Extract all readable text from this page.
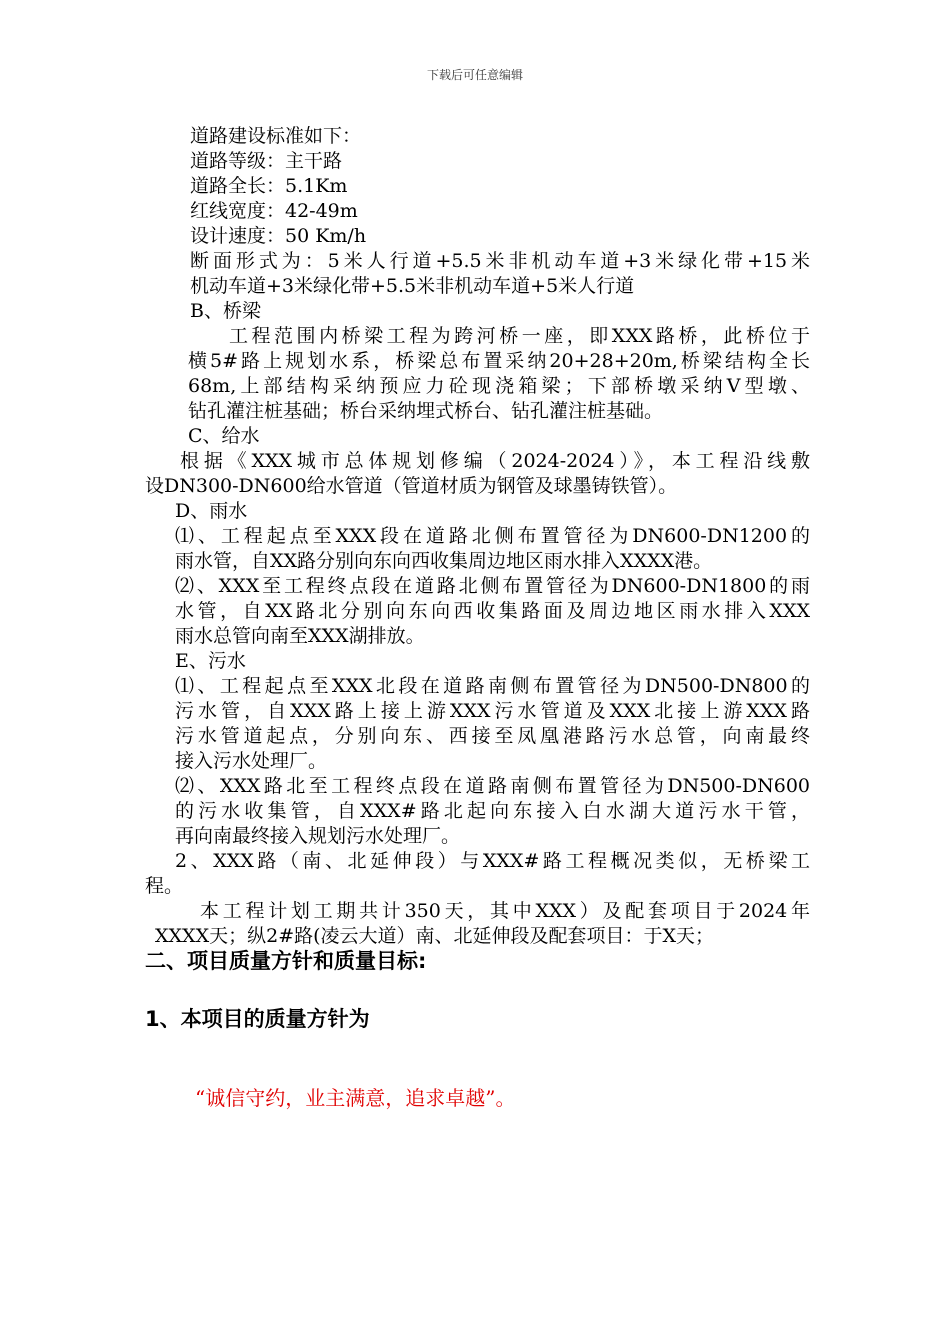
下载后可任意编辑
道路建设标准如下：
道路等级：主干路
道路全长：5.1Km
红线宽度：42-49m
设计速度：50 Km/h
断面形式为：5米人行道+5.5米非机动车道+3米绿化带+15米
机动车道+3米绿化带+5.5米非机动车道+5米人行道
B、桥梁
工程范围内桥梁工程为跨河桥一座，即XXX路桥，此桥位于
横5#路上规划水系，桥梁总布置采纳20+28+20m,桥梁结构全长
68m,上部结构采纳预应力砼现浇箱梁；下部桥墩采纳V型墩、
钻孔灌注桩基础；桥台采纳埋式桥台、钻孔灌注桩基础。
C、给水
根据《XXX城市总体规划修编（2024-2024）》，本工程沿线敷
设DN300-DN600给水管道（管道材质为钢管及球墨铸铁管）。
D、雨水
⑴、工程起点至XXX段在道路北侧布置管径为DN600-DN1200的
雨水管，自XX路分别向东向西收集周边地区雨水排入XXXX港。
⑵、XXX至工程终点段在道路北侧布置管径为DN600-DN1800的雨
水管，自XX路北分别向东向西收集路面及周边地区雨水排入XXX
雨水总管向南至XXX湖排放。
E、污水
⑴、工程起点至XXX北段在道路南侧布置管径为DN500-DN800的
污水管，自XXX路上接上游XXX污水管道及XXX北接上游XXX路
污水管道起点，分别向东、西接至凤凰港路污水总管，向南最终
接入污水处理厂。
⑵、XXX路北至工程终点段在道路南侧布置管径为DN500-DN600
的污水收集管，自XXX#路北起向东接入白水湖大道污水干管，
再向南最终接入规划污水处理厂。
2、XXX路（南、北延伸段）与XXX#路工程概况类似，无桥梁工
程。
本工程计划工期共计350天，其中XXX）及配套项目于2024年
XXXX天；纵2#路(凌云大道）南、北延伸段及配套项目：于X天；
二、项目质量方针和质量目标:
1、本项目的质量方针为
“诚信守约，业主满意，追求卓越”。
